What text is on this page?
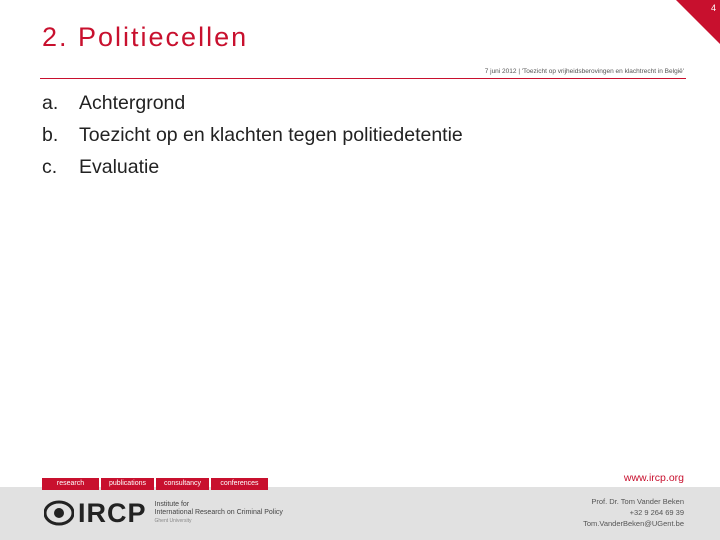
4
2. Politiecellen
7 juni 2012 | 'Toezicht op vrijheidsberovingen en klachtrecht in België'
a.	Achtergrond
b.	Toezicht op en klachten tegen politiedetentie
c.	Evaluatie
research	publications	consultancy	conferences	www.ircp.org
IRCP Institute for
International Research on Criminal Policy
Ghent University
Prof. Dr. Tom Vander Beken
+32 9 264 69 39
Tom.VanderBeken@UGent.be
